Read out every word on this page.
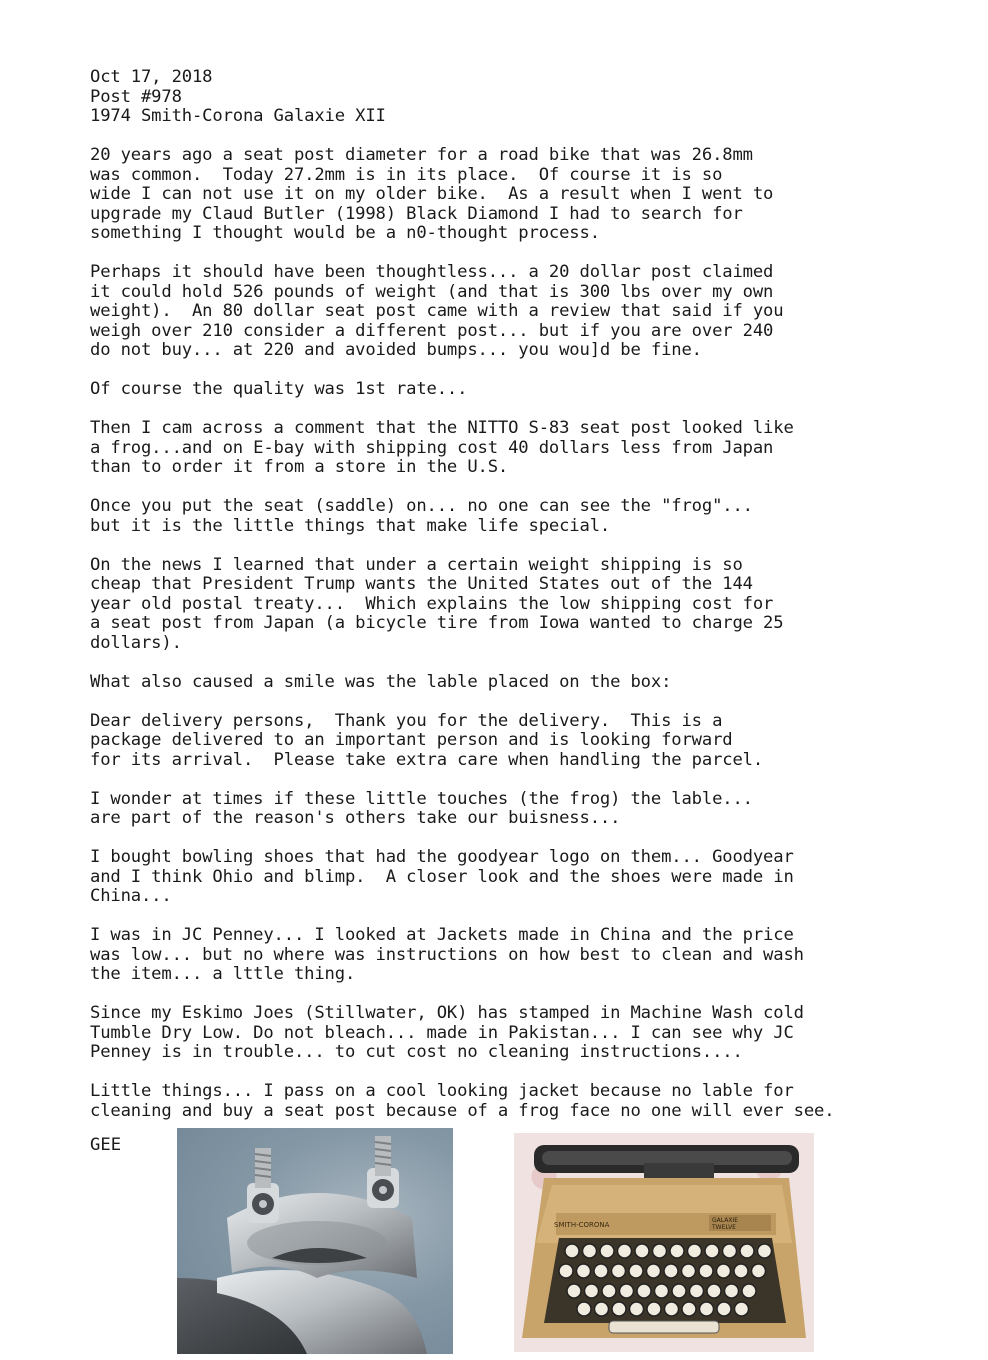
Oct 17, 2018
Post #978
1974 Smith-Corona Galaxie XII
20 years ago a seat post diameter for a road bike that was 26.8mm
was common.  Today 27.2mm is in its place.  Of course it is so
wide I can not use it on my older bike.  As a result when I went to
upgrade my Claud Butler (1998) Black Diamond I had to search for
something I thought would be a n0-thought process.
Perhaps it should have been thoughtless... a 20 dollar post claimed
it could hold 526 pounds of weight (and that is 300 lbs over my own
weight).  An 80 dollar seat post came with a review that said if you
weigh over 210 consider a different post... but if you are over 240
do not buy... at 220 and avoided bumps... you wou]d be fine.
Of course the quality was 1st rate...
Then I cam across a comment that the NITTO S-83 seat post looked like
a frog...and on E-bay with shipping cost 40 dollars less from Japan
than to order it from a store in the U.S.
Once you put the seat (saddle) on... no one can see the "frog"...
but it is the little things that make life special.
On the news I learned that under a certain weight shipping is so
cheap that President Trump wants the United States out of the 144
year old postal treaty...  Which explains the low shipping cost for
a seat post from Japan (a bicycle tire from Iowa wanted to charge 25
dollars).
What also caused a smile was the lable placed on the box:
Dear delivery persons,  Thank you for the delivery.  This is a
package delivered to an important person and is looking forward
for its arrival.  Please take extra care when handling the parcel.
I wonder at times if these little touches (the frog) the lable...
are part of the reason's others take our buisness...
I bought bowling shoes that had the goodyear logo on them... Goodyear
and I think Ohio and blimp.  A closer look and the shoes were made in
China...
I was in JC Penney... I looked at Jackets made in China and the price
was low... but no where was instructions on how best to clean and wash
the item... a lttle thing.
Since my Eskimo Joes (Stillwater, OK) has stamped in Machine Wash cold
Tumble Dry Low. Do not bleach... made in Pakistan... I can see why JC
Penney is in trouble... to cut cost no cleaning instructions....
Little things... I pass on a cool looking jacket because no lable for
cleaning and buy a seat post because of a frog face no one will ever see.
GEE
SMITH-CORONA
GALAXIE
TWELVE
